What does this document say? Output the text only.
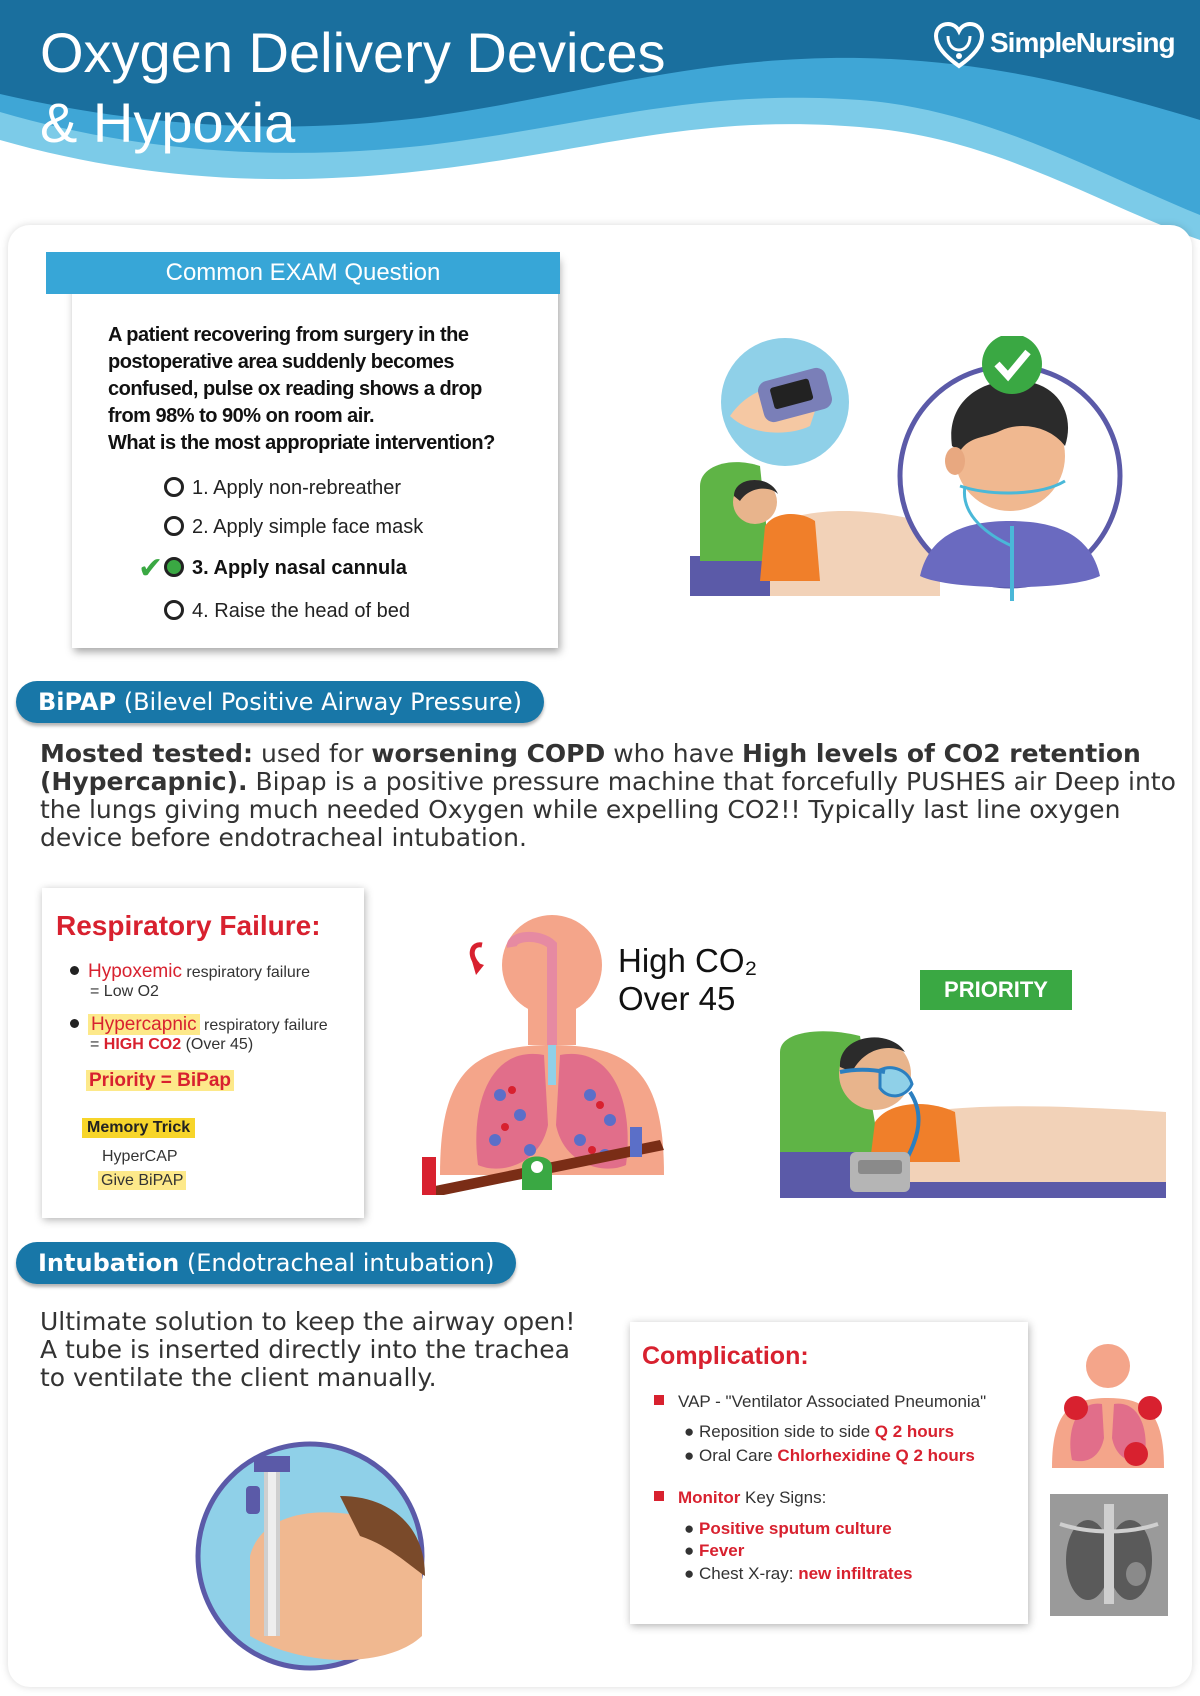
Oxygen Delivery Devices
& Hypoxia
SimpleNursing
Common EXAM Question
A patient recovering from surgery in the
postoperative area suddenly becomes
confused, pulse ox reading shows a drop
from 98% to 90% on room air.
What is the most appropriate intervention?
1. Apply non-rebreather
2. Apply simple face mask
3. Apply nasal cannula
4. Raise the head of bed
✔
BiPAP (Bilevel Positive Airway Pressure)
Mosted tested: used for worsening COPD who have High levels of CO2 retention (Hypercapnic). Bipap is a positive pressure machine that forcefully PUSHES air Deep into the lungs giving much needed Oxygen while expelling CO2!! Typically last line oxygen device before endotracheal intubation.
Respiratory Failure:
Hypoxemic respiratory failure
= Low O2
Hypercapnic respiratory failure
= HIGH CO2 (Over 45)
Priority = BiPap
Memory Trick
HyperCAP
Give BiPAP
High CO₂
Over 45	PRIORITY
Intubation (Endotracheal intubation)
Ultimate solution to keep the airway open!
A tube is inserted directly into the trachea
to ventilate the client manually.
Complication:
VAP - "Ventilator Associated Pneumonia"
● Reposition side to side Q 2 hours
● Oral Care Chlorhexidine Q 2 hours
Monitor Key Signs:
● Positive sputum culture
● Fever
● Chest X-ray: new infiltrates
